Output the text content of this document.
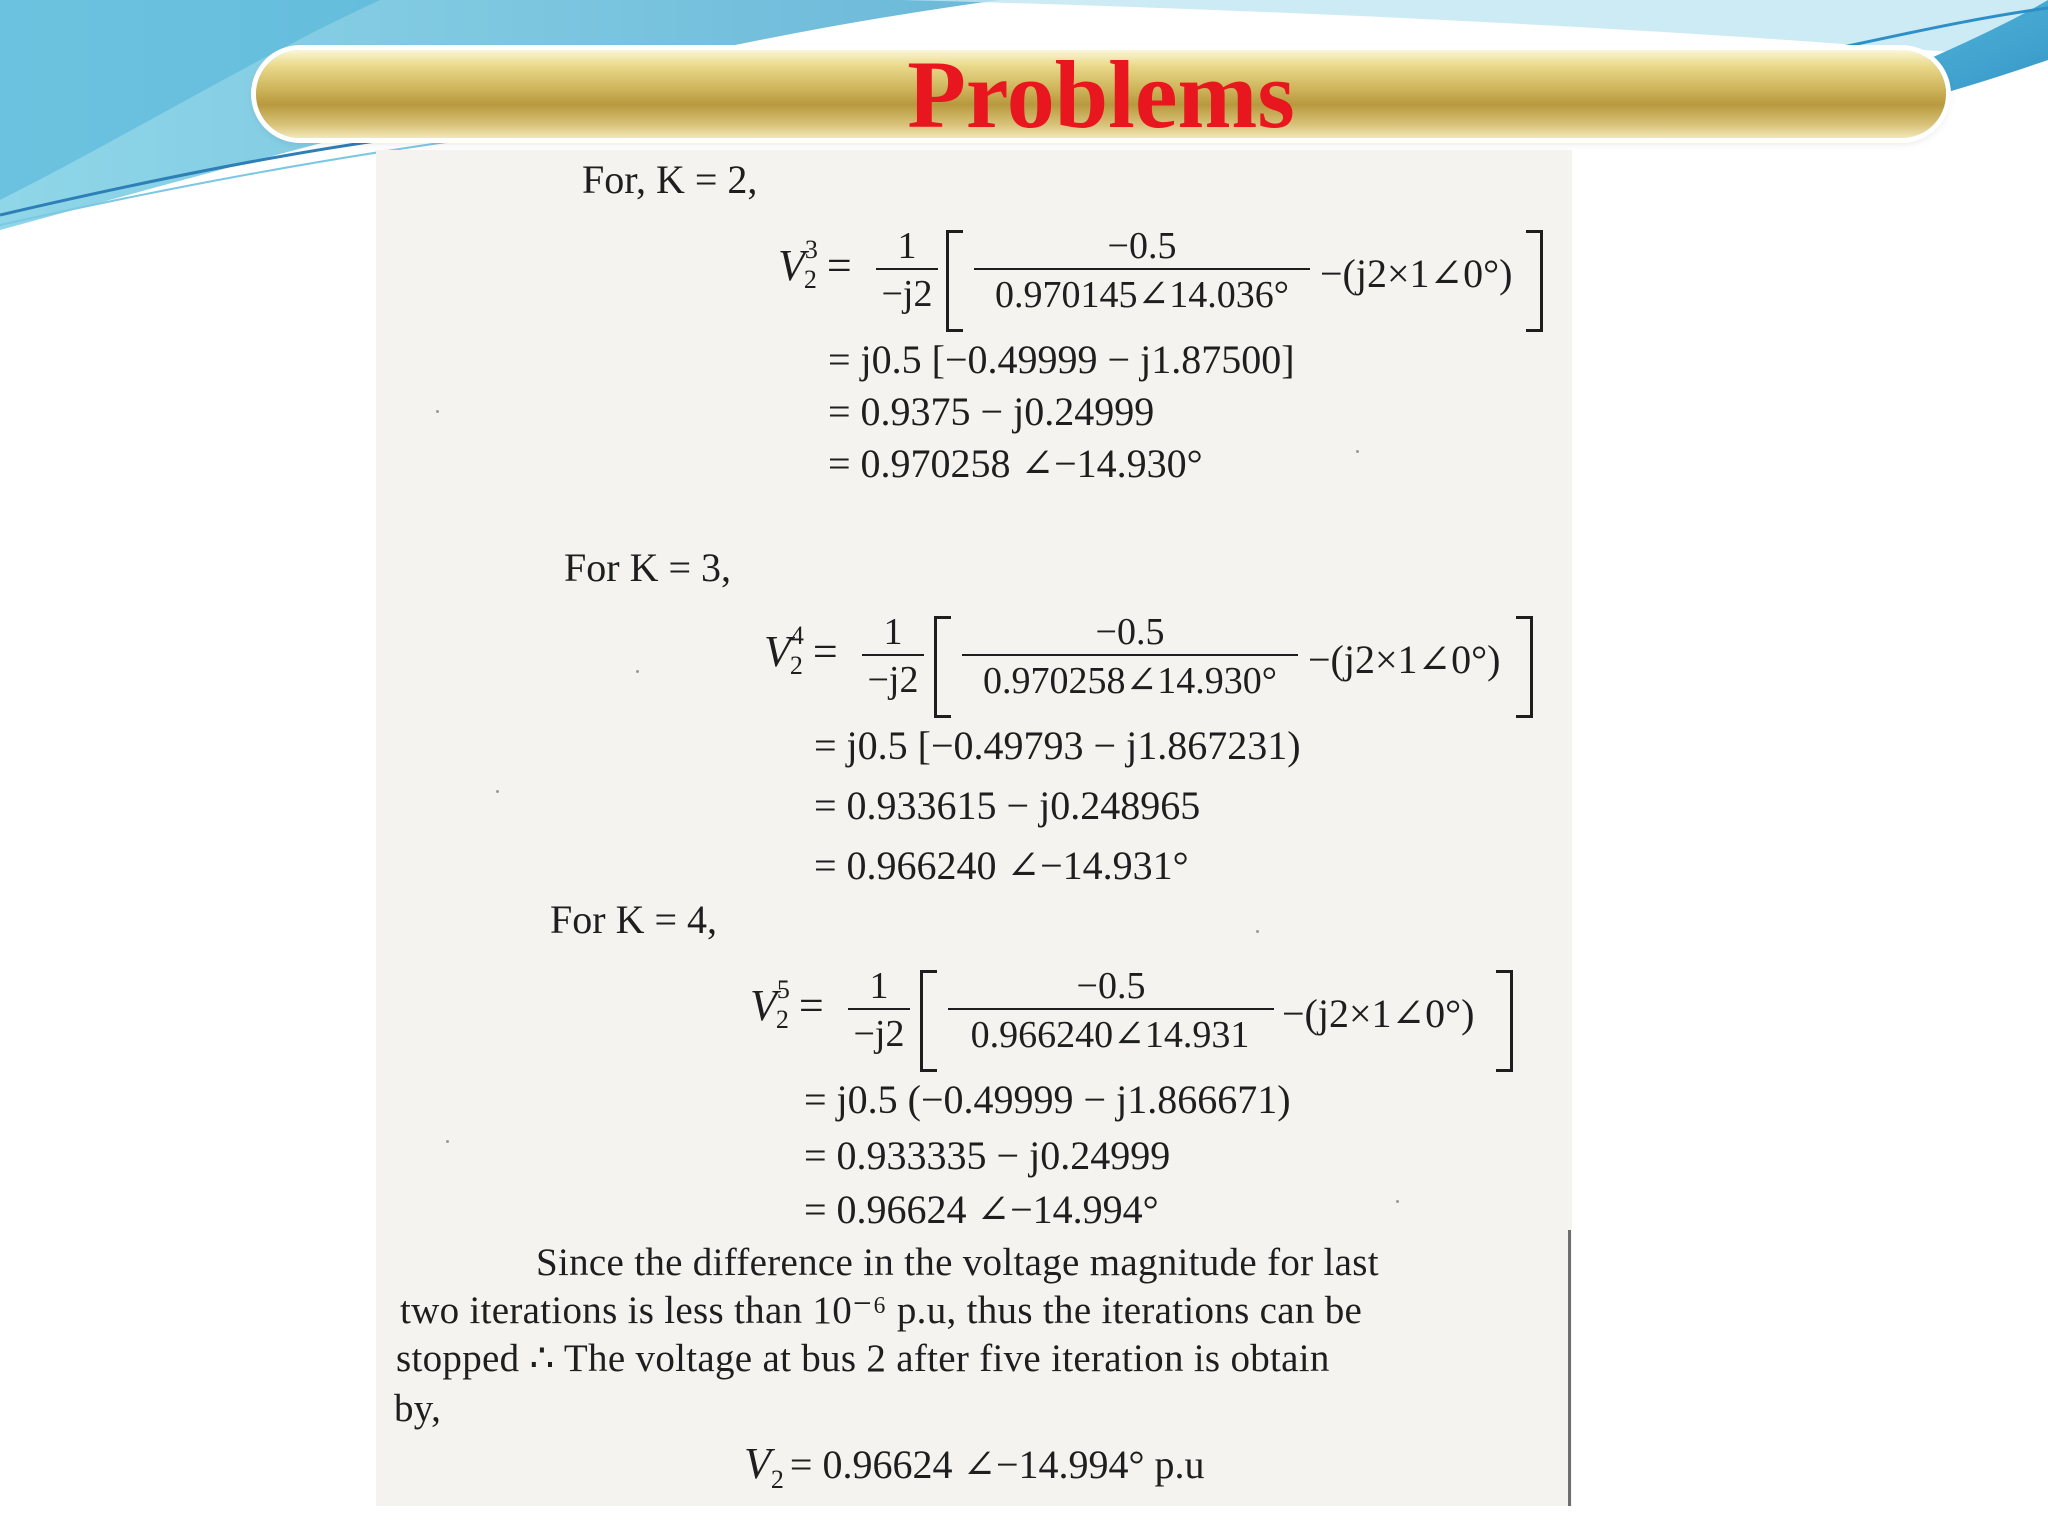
Problems
For, K = 2,
$V^32$ =	1
−j2
−0.5
0.970145∠14.036° −(j2×1∠0°)
= j0.5 [−0.49999 − j1.87500]
= 0.9375 − j0.24999
= 0.970258 ∠−14.930°
For K = 3,
$V^42$ =	1
−j2
−0.5
0.970258∠14.930° −(j2×1∠0°)
= j0.5 [−0.49793 − j1.867231)
= 0.933615 − j0.248965
= 0.966240 ∠−14.931°
For K = 4,
$V^52$ =	1
−j2
−0.5
0.966240∠14.931 −(j2×1∠0°)
= j0.5 (−0.49999 − j1.866671)
= 0.933335 − j0.24999
= 0.96624 ∠−14.994°
Since the difference in the voltage magnitude for last
two iterations is less than 10⁻⁶ p.u, thus the iterations can be
stopped ∴ The voltage at bus 2 after five iteration is obtain
by,
$V_2 = 0.96624$ ∠−14.994° p.u
